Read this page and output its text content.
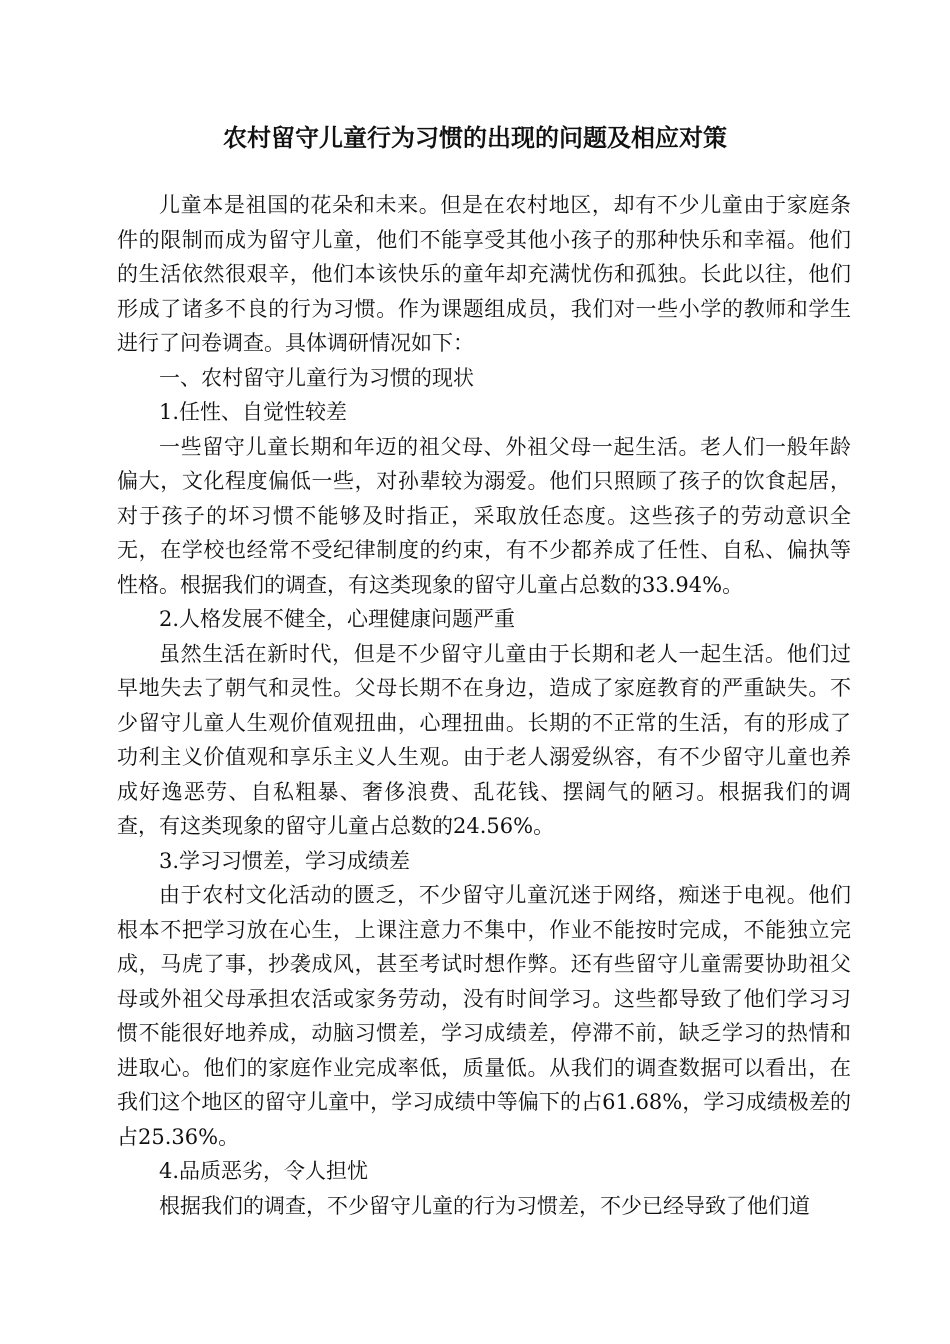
农村留守儿童行为习惯的出现的问题及相应对策

儿童本是祖国的花朵和未来。但是在农村地区，却有不少儿童由于家庭条件的限制而成为留守儿童，他们不能享受其他小孩子的那种快乐和幸福。他们的生活依然很艰辛，他们本该快乐的童年却充满忧伤和孤独。长此以往，他们形成了诸多不良的行为习惯。作为课题组成员，我们对一些小学的教师和学生进行了问卷调查。具体调研情况如下：

一、农村留守儿童行为习惯的现状

1.任性、自觉性较差

一些留守儿童长期和年迈的祖父母、外祖父母一起生活。老人们一般年龄偏大，文化程度偏低一些，对孙辈较为溺爱。他们只照顾了孩子的饮食起居，对于孩子的坏习惯不能够及时指正，采取放任态度。这些孩子的劳动意识全无，在学校也经常不受纪律制度的约束，有不少都养成了任性、自私、偏执等性格。根据我们的调查，有这类现象的留守儿童占总数的33.94%。

2.人格发展不健全，心理健康问题严重

虽然生活在新时代，但是不少留守儿童由于长期和老人一起生活。他们过早地失去了朝气和灵性。父母长期不在身边，造成了家庭教育的严重缺失。不少留守儿童人生观价值观扭曲，心理扭曲。长期的不正常的生活，有的形成了功利主义价值观和享乐主义人生观。由于老人溺爱纵容，有不少留守儿童也养成好逸恶劳、自私粗暴、奢侈浪费、乱花钱、摆阔气的陋习。根据我们的调查，有这类现象的留守儿童占总数的24.56%。

3.学习习惯差，学习成绩差

由于农村文化活动的匮乏，不少留守儿童沉迷于网络，痴迷于电视。他们根本不把学习放在心生，上课注意力不集中，作业不能按时完成，不能独立完成，马虎了事，抄袭成风，甚至考试时想作弊。还有些留守儿童需要协助祖父母或外祖父母承担农活或家务劳动，没有时间学习。这些都导致了他们学习习惯不能很好地养成，动脑习惯差，学习成绩差，停滞不前，缺乏学习的热情和进取心。他们的家庭作业完成率低，质量低。从我们的调查数据可以看出，在我们这个地区的留守儿童中，学习成绩中等偏下的占61.68%，学习成绩极差的占25.36%。

4.品质恶劣，令人担忧

根据我们的调查，不少留守儿童的行为习惯差，不少已经导致了他们道
